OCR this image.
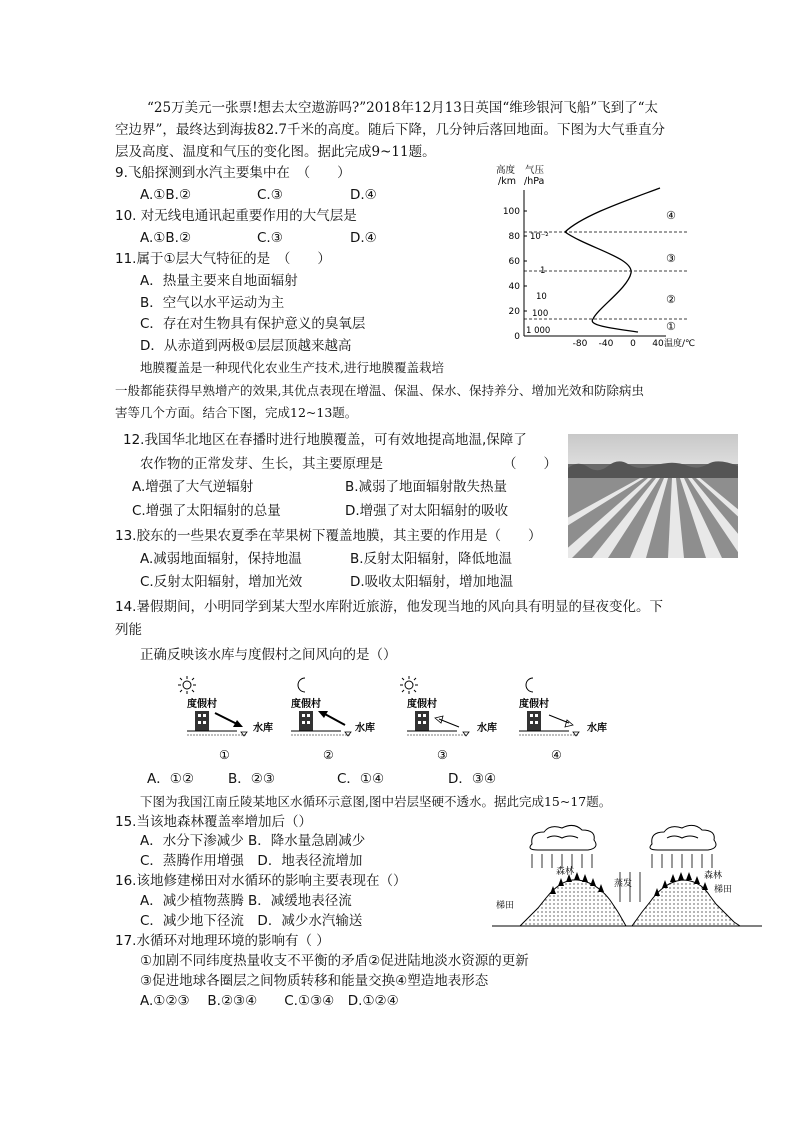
“25万美元一张票!想去太空遨游吗?”2018年12月13日英国“维珍银河飞船”飞到了“太
空边界”，最终达到海拔82.7千米的高度。随后下降，几分钟后落回地面。下图为大气垂直分
层及高度、温度和气压的变化图。据此完成9~11题。
9.飞船探测到水汽主要集中在　（　　）
A.①B.②	C.③	D.④
10. 对无线电通讯起重要作用的大气层是
A.①B.②	C.③	D.④
11.属于①层大气特征的是　（　　）
A．热量主要来自地面辐射
B．空气以水平运动为主
C．存在对生物具有保护意义的臭氧层
D．从赤道到两极①层层顶越来越高
高度
/km
气压
/hPa
0
20
40
60
80
100
-80 -40 0 40 温度/℃
1 000
100
10
1
10⁻²
①
②
③
④
地膜覆盖是一种现代化农业生产技术,进行地膜覆盖栽培
一般都能获得早熟增产的效果,其优点表现在增温、保温、保水、保持养分、增加光效和防除病虫
害等几个方面。结合下图，完成12~13题。
12.我国华北地区在春播时进行地膜覆盖，可有效地提高地温,保障了
农作物的正常发芽、生长，其主要原理是	（　　）
A.增强了大气逆辐射	B.减弱了地面辐射散失热量
C.增强了太阳辐射的总量	D.增强了对太阳辐射的吸收
13.胶东的一些果农夏季在苹果树下覆盖地膜，其主要的作用是（　　）
A.减弱地面辐射，保持地温	B.反射太阳辐射，降低地温
C.反射太阳辐射，增加光效	D.吸收太阳辐射，增加地温
14.暑假期间，小明同学到某大型水库附近旅游，他发现当地的风向具有明显的昼夜变化。下
列能
正确反映该水库与度假村之间风向的是（）
度假村
水库
①
度假村
水库
②
度假村
水库
③
度假村
水库
④
A．①②	B．②③	C．①④	D．③④
下图为我国江南丘陵某地区水循环示意图,图中岩层坚硬不透水。据此完成15~17题。
15.当该地森林覆盖率增加后（）
A．水分下渗减少 B．降水量急剧减少
C．蒸腾作用增强　D．地表径流增加
16.该地修建梯田对水循环的影响主要表现在（）
A．减少植物蒸腾 B．减缓地表径流
C．减少地下径流　D．减少水汽输送
17.水循环对地理环境的影响有（ ）
①加剧不同纬度热量收支不平衡的矛盾②促进陆地淡水资源的更新
③促进地球各圈层之间物质转移和能量交换④塑造地表形态
A.①②③　 B.②③④　　C.①③④　D.①②④
蒸发
森林	森林
梯田
梯田
